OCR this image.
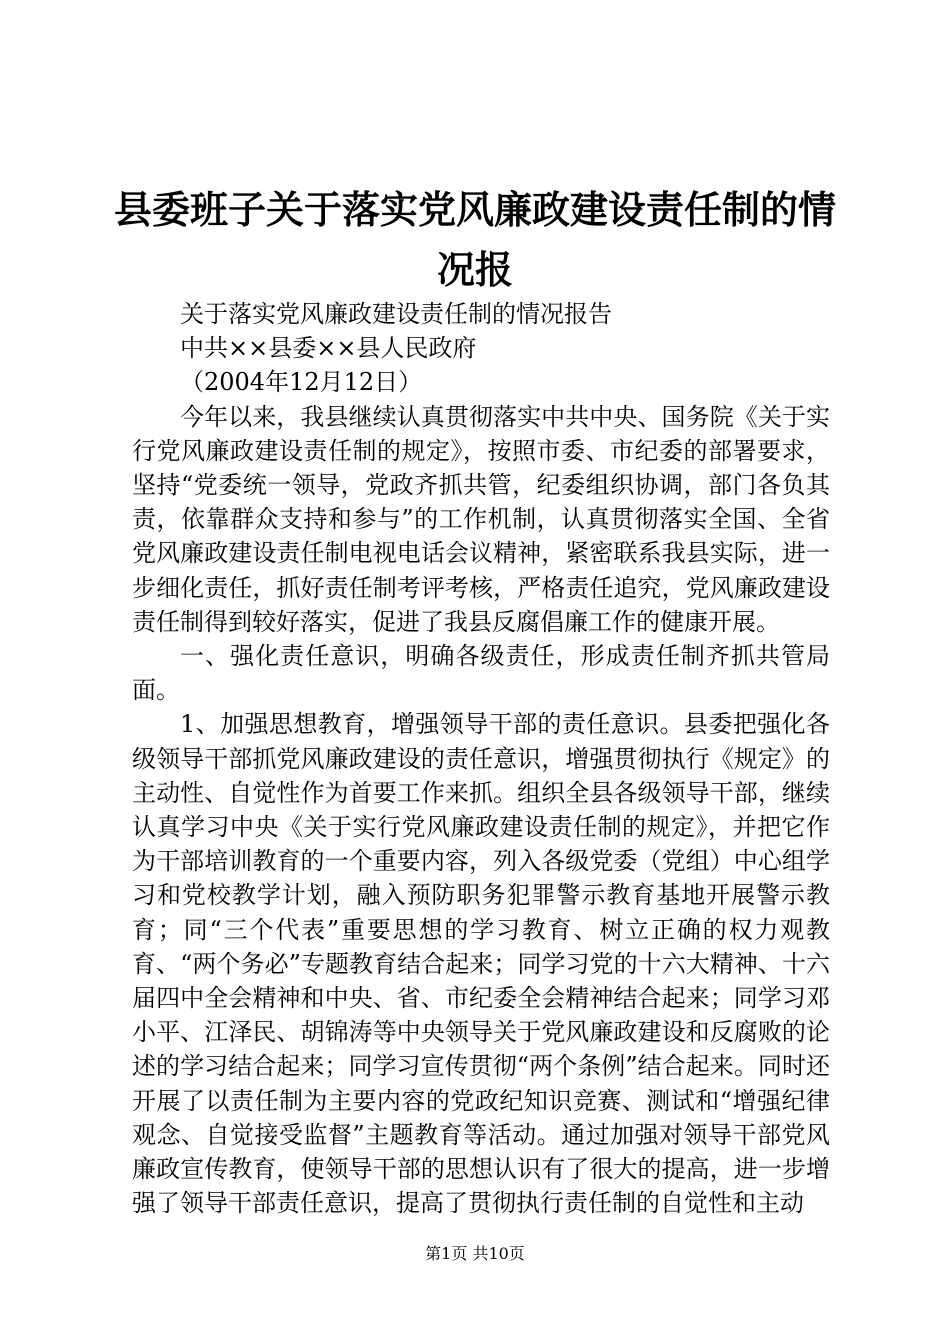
县委班子关于落实党风廉政建设责任制的情况报

关于落实党风廉政建设责任制的情况报告

中共××县委××县人民政府

（2004年12月12日）

今年以来，我县继续认真贯彻落实中共中央、国务院《关于实行党风廉政建设责任制的规定》，按照市委、市纪委的部署要求，坚持“党委统一领导，党政齐抓共管，纪委组织协调，部门各负其责，依靠群众支持和参与”的工作机制，认真贯彻落实全国、全省党风廉政建设责任制电视电话会议精神，紧密联系我县实际，进一步细化责任，抓好责任制考评考核，严格责任追究，党风廉政建设责任制得到较好落实，促进了我县反腐倡廉工作的健康开展。

一、强化责任意识，明确各级责任，形成责任制齐抓共管局面。

1、加强思想教育，增强领导干部的责任意识。县委把强化各级领导干部抓党风廉政建设的责任意识，增强贯彻执行《规定》的主动性、自觉性作为首要工作来抓。组织全县各级领导干部，继续认真学习中央《关于实行党风廉政建设责任制的规定》，并把它作为干部培训教育的一个重要内容，列入各级党委（党组）中心组学习和党校教学计划，融入预防职务犯罪警示教育基地开展警示教育；同“三个代表”重要思想的学习教育、树立正确的权力观教育、“两个务必”专题教育结合起来；同学习党的十六大精神、十六届四中全会精神和中央、省、市纪委全会精神结合起来；同学习邓小平、江泽民、胡锦涛等中央领导关于党风廉政建设和反腐败的论述的学习结合起来；同学习宣传贯彻“两个条例”结合起来。同时还开展了以责任制为主要内容的党政纪知识竞赛、测试和“增强纪律观念、自觉接受监督”主题教育等活动。通过加强对领导干部党风廉政宣传教育，使领导干部的思想认识有了很大的提高，进一步增强了领导干部责任意识，提高了贯彻执行责任制的自觉性和主动

第1页 共10页
